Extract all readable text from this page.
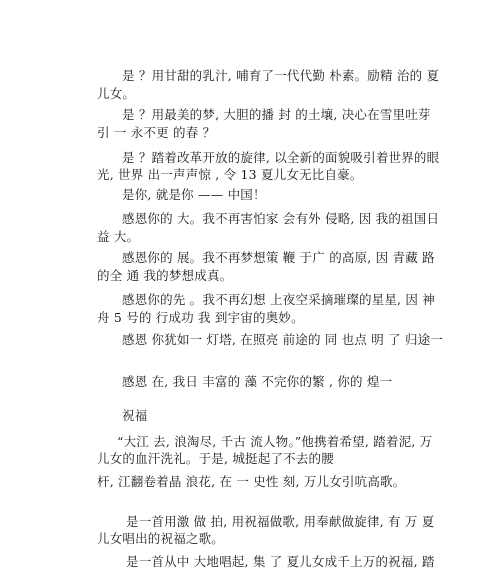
是 ？用甘甜的乳汁, 哺育了一代代勤 朴素。励精 治的 夏
儿女。
是 ？用最美的梦, 大胆的播 封 的土壤, 决心在雪里吐芽
引 一 永不更 的春 ？
是 ？踏着改革开放的旋律, 以全新的面貌吸引着世界的眼
光, 世界 出一声声惊 , 令 13 夏儿女无比自豪。
是你, 就是你 —— 中国！
感恩你的 大。我不再害怕家 会有外 侵略, 因 我的祖国日
益 大。
感恩你的 展。我不再梦想策 鞭 于广 的高原, 因 青藏 路
的全 通 我的梦想成真。
感恩你的先 。我不再幻想 上夜空采摘璀璨的星星, 因 神
舟 5 号的 行成功 我 到宇宙的奥妙。
感恩 你犹如一 灯塔, 在照亮 前途的 同 也点 明 了 归途一
感恩 在, 我日 丰富的 藻 不完你的繁 , 你的 煌一
祝福
“大江 去, 浪淘尽, 千古 流人物。”他携着希望, 踏着泥, 万
儿女的血汗洗礼。于是, 城挺起了不去的腰
杆, 江翻卷着晶 浪花, 在 一 史性 刻, 万儿女引吭高歌。
是一首用激 做 拍, 用祝福做歌, 用奉献做旋律, 有 万 夏
儿女唱出的祝福之歌。
是一首从中 大地唱起, 集 了 夏儿女成千上万的祝福, 踏
